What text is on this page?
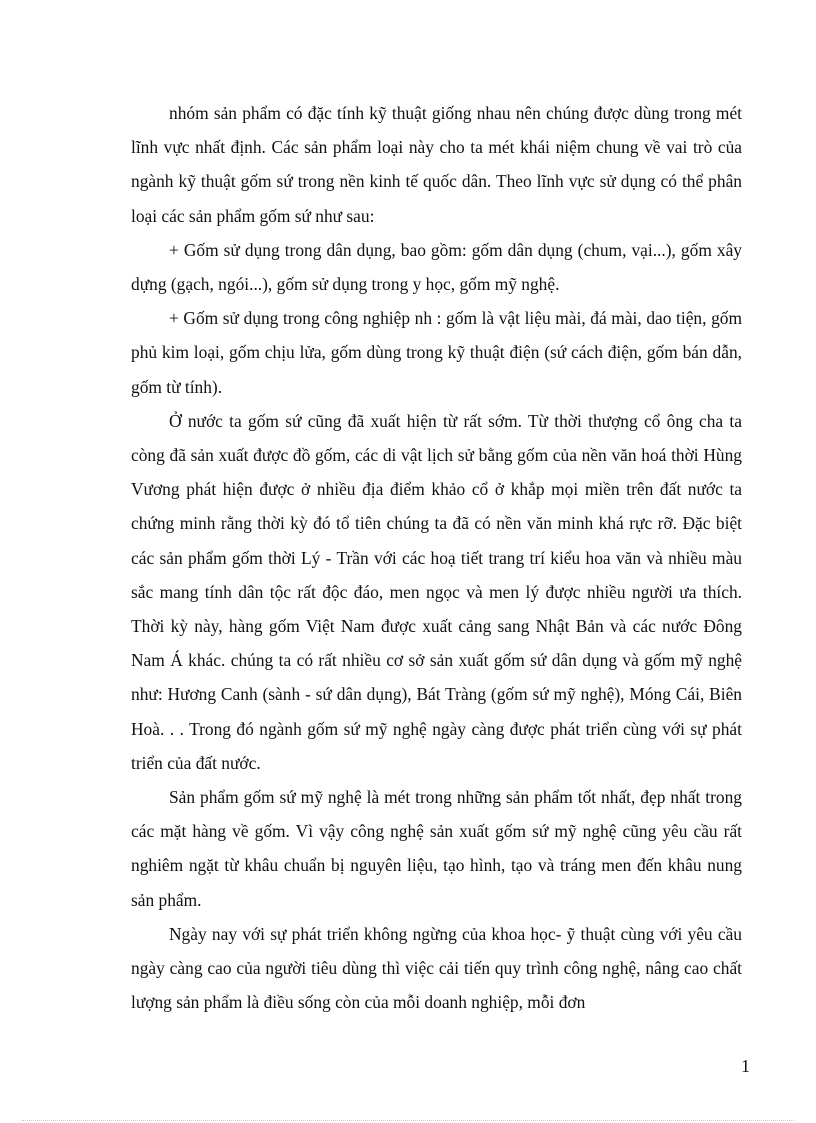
nhóm sản phẩm có đặc tính kỹ thuật giống nhau nên chúng được dùng trong mét lĩnh vực nhất định. Các sản phẩm loại này cho ta mét khái niệm chung về vai trò của ngành kỹ thuật gốm sứ trong nền kinh tế quốc dân. Theo lĩnh vực sử dụng có thể phân loại các sản phẩm gốm sứ như sau:

+ Gốm sử dụng trong dân dụng, bao gồm: gốm dân dụng (chum, vại...), gốm xây dựng (gạch, ngói...), gốm sử dụng trong y học, gốm mỹ nghệ.

+ Gốm sử dụng trong công nghiệp nh : gốm là vật liệu mài, đá mài, dao tiện, gốm phủ kim loại, gốm chịu lửa, gốm dùng trong kỹ thuật điện (sứ cách điện, gốm bán dẫn, gốm từ tính).

Ở nước ta gốm sứ cũng đã xuất hiện từ rất sớm. Từ thời thượng cổ ông cha ta còng đã sản xuất được đồ gốm, các di vật lịch sử bằng gốm của nền văn hoá thời Hùng Vương phát hiện được ở nhiều địa điểm khảo cổ ở khắp mọi miền trên đất nước ta chứng minh rằng thời kỳ đó tổ tiên chúng ta đã có nền văn minh khá rực rỡ. Đặc biệt các sản phẩm gốm thời Lý - Trần với các hoạ tiết trang trí kiểu hoa văn và nhiều màu sắc mang tính dân tộc rất độc đáo, men ngọc và men lý được nhiều người ưa thích. Thời kỳ này, hàng gốm Việt Nam được xuất cảng sang Nhật Bản và các nước Đông Nam Á khác. chúng ta có rất nhiều cơ sở sản xuất gốm sứ dân dụng và gốm mỹ nghệ như: Hương Canh (sành - sứ dân dụng), Bát Tràng (gốm sứ mỹ nghệ), Móng Cái, Biên Hoà. . . Trong đó ngành gốm sứ mỹ nghệ ngày càng được phát triển cùng với sự phát triển của đất nước.

Sản phẩm gốm sứ mỹ nghệ là mét trong những sản phẩm tốt nhất, đẹp nhất trong các mặt hàng về gốm. Vì vậy công nghệ sản xuất gốm sứ mỹ nghệ cũng yêu cầu rất nghiêm ngặt từ khâu chuẩn bị nguyên liệu, tạo hình, tạo và tráng men đến khâu nung sản phẩm.

Ngày nay với sự phát triển không ngừng của khoa học- ỹ thuật cùng với yêu cầu ngày càng cao của người tiêu dùng thì việc cải tiến quy trình công nghệ, nâng cao chất lượng sản phẩm là điều sống còn của mỗi doanh nghiệp, mỗi đơn

1
